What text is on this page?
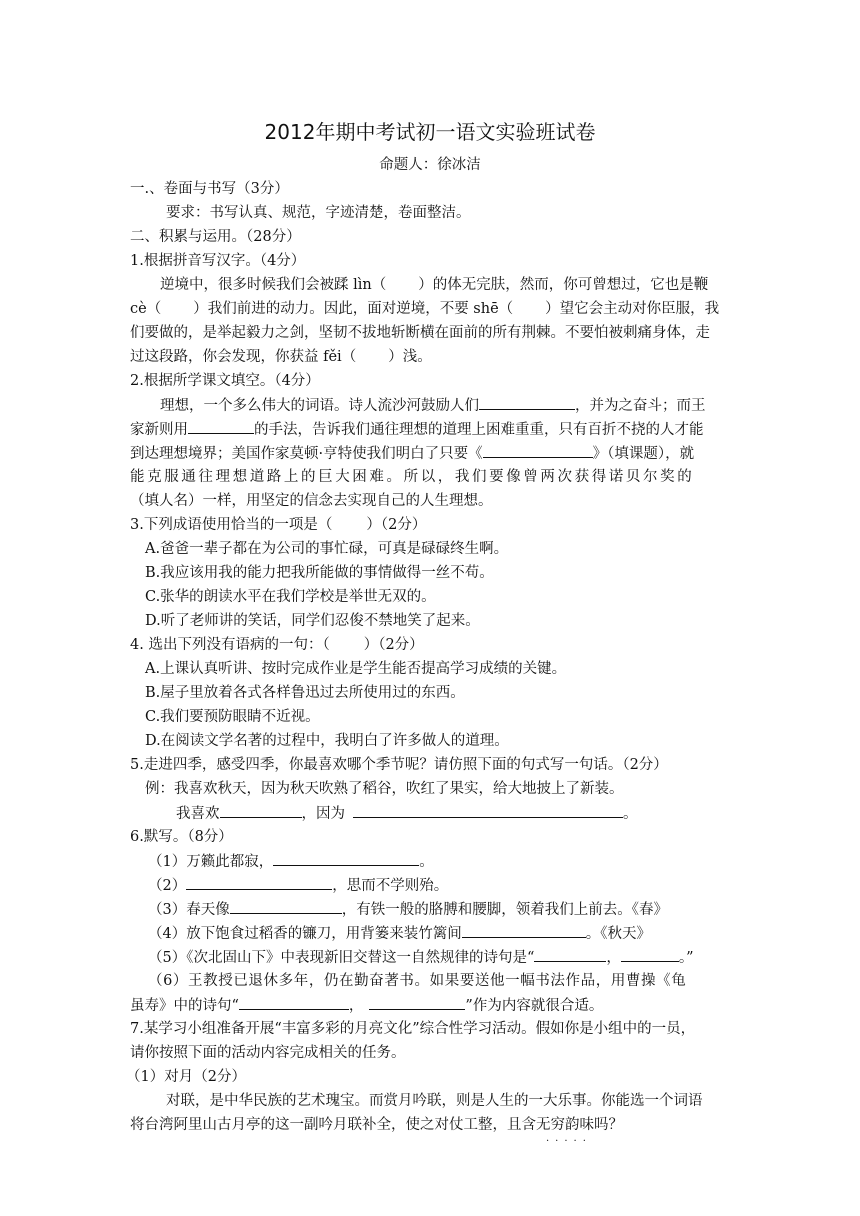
2012年期中考试初一语文实验班试卷
命题人：徐冰洁
一.、卷面与书写（3分）
要求：书写认真、规范，字迹清楚，卷面整洁。
二、积累与运用。（28分）
1.根据拼音写汉字。（4分）
逆境中，很多时候我们会被蹂 lìn（ ）的体无完肤，然而，你可曾想过，它也是鞭
cè（ ）我们前进的动力。因此，面对逆境，不要 shē（ ）望它会主动对你臣服，我
们要做的，是举起毅力之剑，坚韧不拔地斩断横在面前的所有荆棘。不要怕被刺痛身体，走
过这段路，你会发现，你获益 fěi（ ）浅。
2.根据所学课文填空。（4分）
理想，一个多么伟大的词语。诗人流沙河鼓励人们	，并为之奋斗；而王
家新则用	的手法，告诉我们通往理想的道理上困难重重，只有百折不挠的人才能
到达理想境界；美国作家莫顿·亨特使我们明白了只要《	》（填课题），就
能克服通往理想道路上的巨大困难。所以，我们要像曾两次获得诺贝尔奖的
（填人名）一样，用坚定的信念去实现自己的人生理想。
3.下列成语使用恰当的一项是（ ）（2分）
A.爸爸一辈子都在为公司的事忙碌，可真是碌碌终生啊。
B.我应该用我的能力把我所能做的事情做得一丝不苟。
C.张华的朗读水平在我们学校是举世无双的。
D.听了老师讲的笑话，同学们忍俊不禁地笑了起来。
4. 选出下列没有语病的一句：（ ）（2分）
A.上课认真听讲、按时完成作业是学生能否提高学习成绩的关键。
B.屋子里放着各式各样鲁迅过去所使用过的东西。
C.我们要预防眼睛不近视。
D.在阅读文学名著的过程中，我明白了许多做人的道理。
5.走进四季，感受四季，你最喜欢哪个季节呢？请仿照下面的句式写一句话。（2分）
例：我喜欢秋天，因为秋天吹熟了稻谷，吹红了果实，给大地披上了新装。
我喜欢	，因为	。
6.默写。（8分）
（1）万籁此都寂，	。
（2）	，思而不学则殆。
（3）春天像	，有铁一般的胳膊和腰脚，领着我们上前去。《春》
（4）放下饱食过稻香的镰刀，用背篓来装竹篱间	。《秋天》
（5）《次北固山下》中表现新旧交替这一自然规律的诗句是“	，	。”
（6）王教授已退休多年，仍在勤奋著书。如果要送他一幅书法作品，用曹操《龟
虽寿》中的诗句“	，	”作为内容就很合适。
7.某学习小组准备开展“丰富多彩的月亮文化”综合性学习活动。假如你是小组中的一员，
请你按照下面的活动内容完成相关的任务。
（1）对月（2分）
对联，是中华民族的艺术瑰宝。而赏月吟联，则是人生的一大乐事。你能选一个词语
将台湾阿里山古月亭的这一副吟月联补全，使之对仗工整，且含无穷韵味吗？
.....
